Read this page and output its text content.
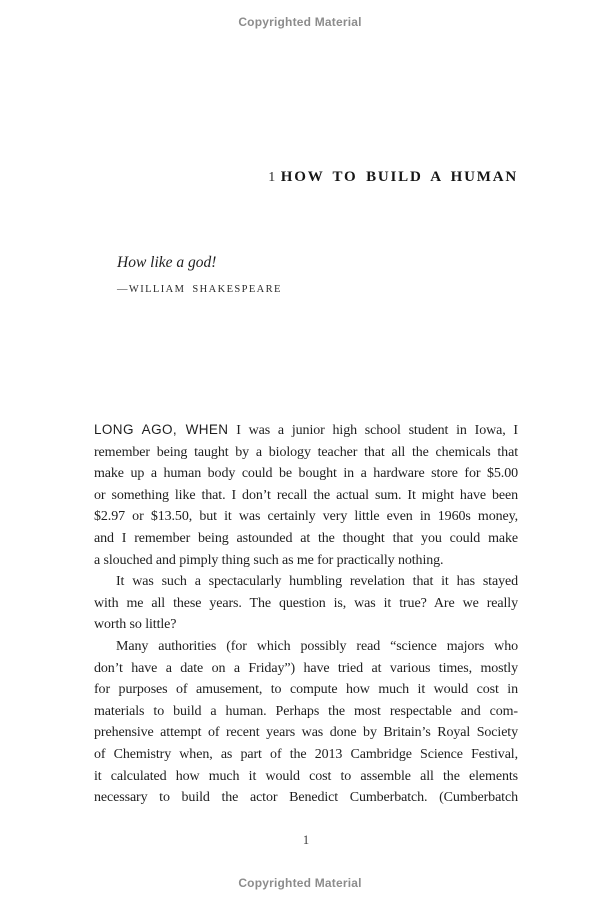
Copyrighted Material
1 HOW TO BUILD A HUMAN
How like a god!
—WILLIAM SHAKESPEARE
LONG AGO, WHEN I was a junior high school student in Iowa, I
remember being taught by a biology teacher that all the chemicals that
make up a human body could be bought in a hardware store for $5.00
or something like that. I don’t recall the actual sum. It might have been
$2.97 or $13.50, but it was certainly very little even in 1960s money,
and I remember being astounded at the thought that you could make
a slouched and pimply thing such as me for practically nothing.
It was such a spectacularly humbling revelation that it has stayed
with me all these years. The question is, was it true? Are we really
worth so little?
Many authorities (for which possibly read “science majors who
don’t have a date on a Friday”) have tried at various times, mostly
for purposes of amusement, to compute how much it would cost in
materials to build a human. Perhaps the most respectable and com-
prehensive attempt of recent years was done by Britain’s Royal Society
of Chemistry when, as part of the 2013 Cambridge Science Festival,
it calculated how much it would cost to assemble all the elements
necessary to build the actor Benedict Cumberbatch. (Cumberbatch
1
Copyrighted Material
